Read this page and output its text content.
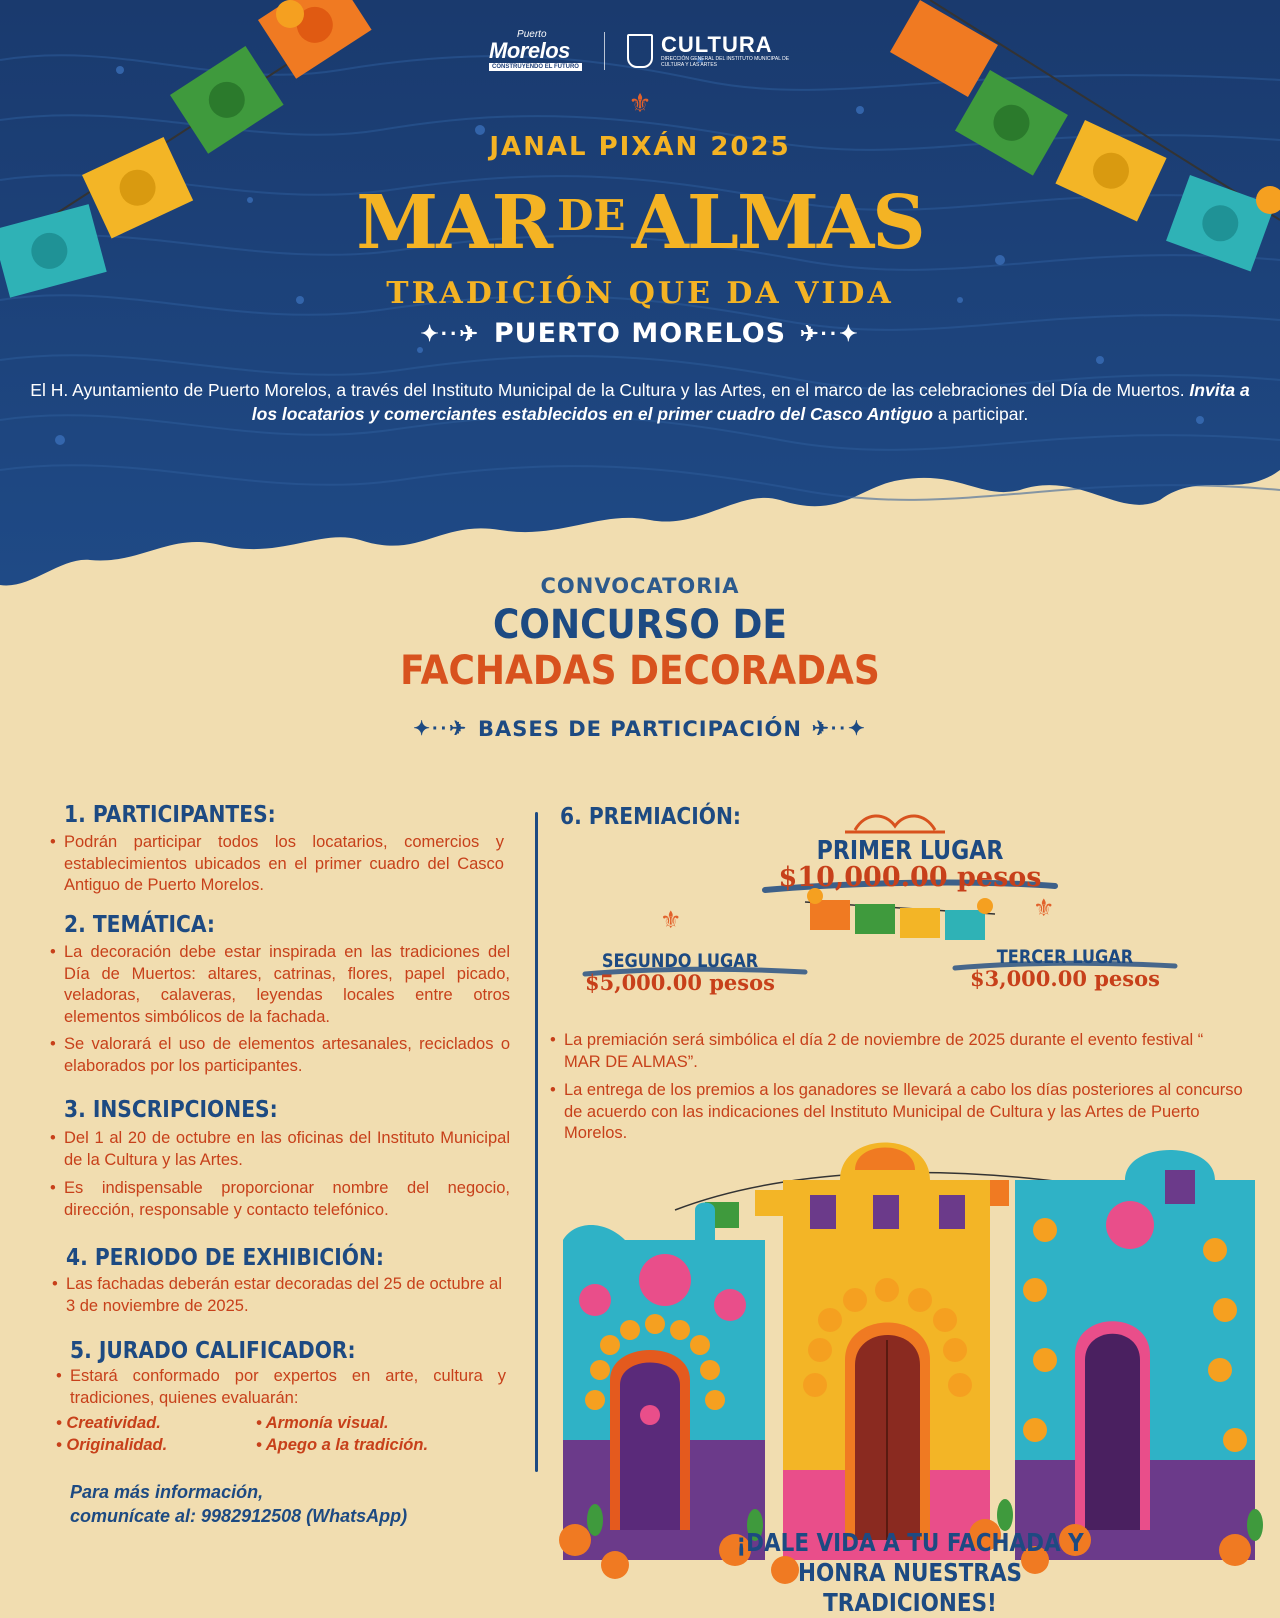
Puerto
Morelos
CONSTRUYENDO EL FUTURO
CULTURA
DIRECCIÓN GENERAL DEL INSTITUTO MUNICIPAL DE CULTURA Y LAS ARTES
⚜
JANAL PIXÁN 2025
MAR DEALMAS
TRADICIÓN QUE DA VIDA
✦··✈ PUERTO MORELOS ✈··✦
El H. Ayuntamiento de Puerto Morelos, a través del Instituto Municipal de la Cultura y las Artes, en el marco de las celebraciones del Día de Muertos. Invita a los locatarios y comerciantes establecidos en el primer cuadro del Casco Antiguo a participar.
CONVOCATORIA
CONCURSO DE
FACHADAS DECORADAS
✦··✈ BASES DE PARTICIPACIÓN ✈··✦
1. PARTICIPANTES:
• Podrán participar todos los locatarios, comercios y establecimientos ubicados en el primer cuadro del Casco Antiguo de Puerto Morelos.
2. TEMÁTICA:
• La decoración debe estar inspirada en las tradiciones del Día de Muertos: altares, catrinas, flores, papel picado, veladoras, calaveras, leyendas locales entre otros elementos simbólicos de la fachada.
• Se valorará el uso de elementos artesanales, reciclados o elaborados por los participantes.
3. INSCRIPCIONES:
• Del 1 al 20 de octubre en las oficinas del Instituto Municipal de la Cultura y las Artes.
• Es indispensable proporcionar nombre del negocio, dirección, responsable y contacto telefónico.
4. PERIODO DE EXHIBICIÓN:
• Las fachadas deberán estar decoradas del 25 de octubre al 3 de noviembre de 2025.
5. JURADO CALIFICADOR:
• Estará conformado por expertos en arte, cultura y tradiciones, quienes evaluarán:
• Creatividad.
• Originalidad.
• Armonía visual.
• Apego a la tradición.
Para más información,
comunícate al: 9982912508 (WhatsApp)
6. PREMIACIÓN:
⚜	⚜
PRIMER LUGAR
$10,000.00 pesos
SEGUNDO LUGAR
$5,000.00 pesos
TERCER LUGAR
$3,000.00 pesos
• La premiación será simbólica el día 2 de noviembre de 2025 durante el evento festival “ MAR DE ALMAS”.
• La entrega de los premios a los ganadores se llevará a cabo los días posteriores al concurso de acuerdo con las indicaciones del Instituto Municipal de Cultura y las Artes de Puerto Morelos.
¡DALE VIDA A TU FACHADA Y
HONRA NUESTRAS TRADICIONES!
